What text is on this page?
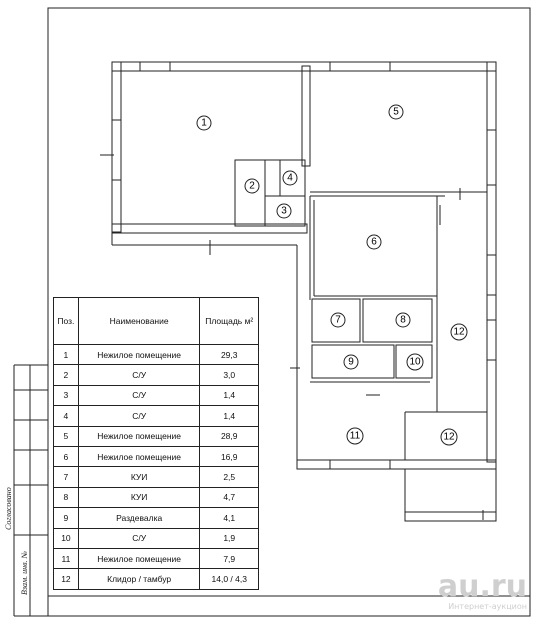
1
2
3
4
5
6
7	8
9	10
11
12
12
Согласовано
Взам. инв. №
Поз.	Наименование	Площадь м²
1	Нежилое помещение	29,3
2	С/У	3,0
3	С/У	1,4
4	С/У	1,4
5	Нежилое помещение	28,9
6	Нежилое помещение	16,9
7	КУИ	2,5
8	КУИ	4,7
9	Раздевалка	4,1
10	С/У	1,9
11	Нежилое помещение	7,9
12	Клидор / тамбур	14,0 / 4,3	au.ru
Интернет-аукцион
